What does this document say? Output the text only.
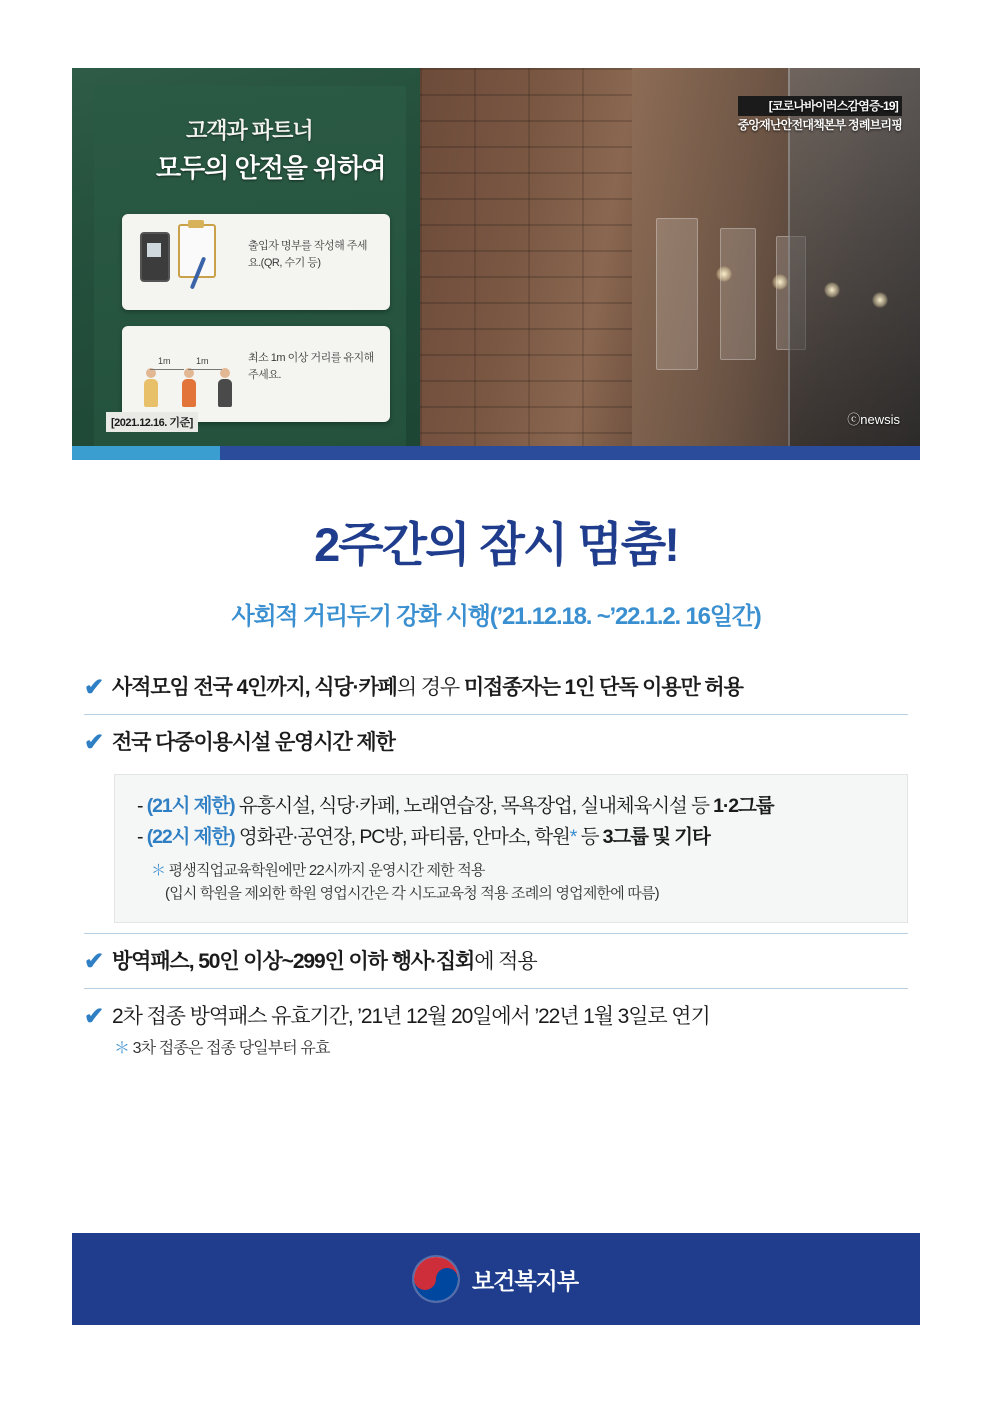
고객과 파트너
모두의 안전을 위하여
출입자 명부를 작성해 주세요.(QR, 수기 등)
1m	1m	최소 1m 이상 거리를 유지해주세요.
[2021.12.16. 기준]
[코로나바이러스감염증-19]
중앙재난안전대책본부 정례브리핑
ⓒnewsis
2주간의 잠시 멈춤!
사회적 거리두기 강화 시행(’21.12.18. ~’22.1.2. 16일간)
✔ 사적모임 전국 4인까지, 식당·카페의 경우 미접종자는 1인 단독 이용만 허용
✔ 전국 다중이용시설 운영시간 제한
- (21시 제한) 유흥시설, 식당·카페, 노래연습장, 목욕장업, 실내체육시설 등 1·2그룹
- (22시 제한) 영화관·공연장, PC방, 파티룸, 안마소, 학원* 등 3그룹 및 기타
＊ 평생직업교육학원에만 22시까지 운영시간 제한 적용
(입시 학원을 제외한 학원 영업시간은 각 시도교육청 적용 조례의 영업제한에 따름)
✔ 방역패스, 50인 이상~299인 이하 행사·집회에 적용
✔ 2차 접종 방역패스 유효기간, ’21년 12월 20일에서 ’22년 1월 3일로 연기
＊ 3차 접종은 접종 당일부터 유효
보건복지부
